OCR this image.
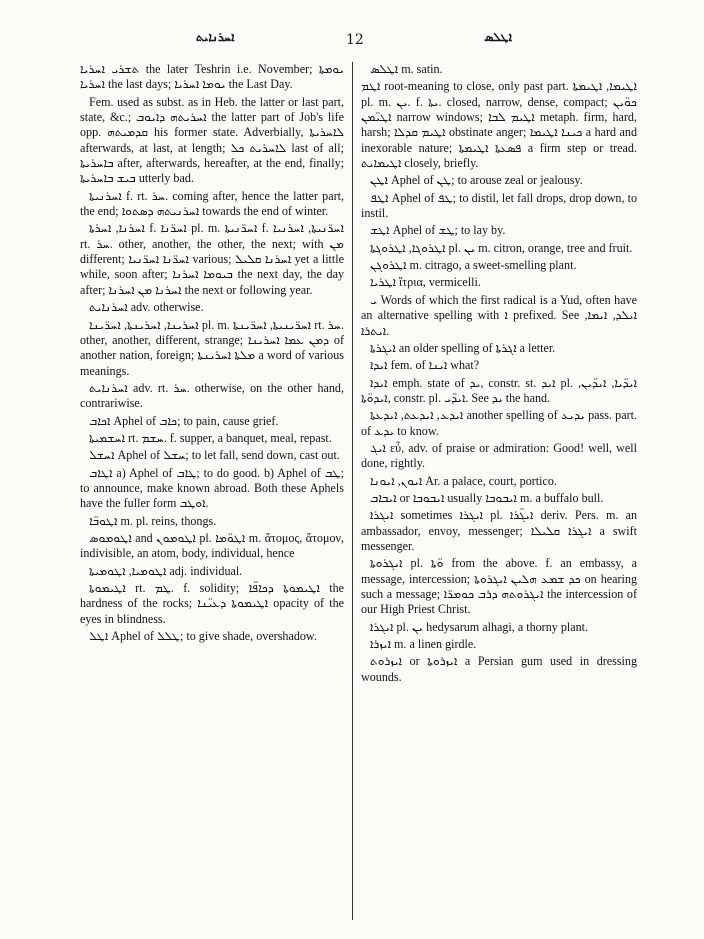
ܐܚܪܢܐܝܬ	12	ܐܛܠܣ

ܬܫܪܝ ܐܚܪܝܐ the later Teshrin i.e. November; ܝܘܡܬܐ ܐܚܪܝܐ the last days; ܝܘܡܐ ܐܚܪܝܐ the Last Day.

Fem. used as subst. as in Heb. the latter or last part, state, &c.; ܐܚܪܝܬܗ ܕܐܝܘܒ the latter part of Job's life opp. ܩܕܡܝܬܗ his former state. Adverbially, ܠܐܚܪܝܬܐ afterwards, at last, at length; ܠܐܚܪܝܬ ܟܠ last of all; ܒܐܚܪܝܬܐ after, afterwards, hereafter, at the end, finally; ܒܝܫ ܒܐܚܪܝܬܐ utterly bad.

ܐܚܪܢܝܬܐ f. rt. ܚܪ. coming after, hence the latter part, the end; ܐܚܪܢܝܬܗ ܕܣܬܘܐ towards the end of winter.

ܐܚܪܢܐ, ܐܚܪܬܐ f. ܐܚܪ̈ܢܐ pl. m. ܐܚܪ̈ܢܝܬܐ f. ܐܚܪ̈ܢܝܬܐ, ܐܚܪܢܝܐ rt. ܚܪ. other, another, the other, the next; with ܡܢ different; ܐܚܪ̈ܢܐ ܐܚܪ̈ܢܝܐ various; ܐܚܪܢܐ ܩܠܝܠ yet a little while, soon after; ܒܝܘܡܐ ܐܚܪܢܐ the next day, the day after; ܐܚܪܢܐ ܡܢ ܐܚܪܢܐ the next or following year.

ܐܚܪܢܐܝܬ adv. otherwise.

ܐܚܪܝܢܐ, ܐܚܪܝܢܬܐ, ܐܚܪ̈ܝܢܐ pl. m. ܐܚܪ̈ܝܢܝܬܐ, ܐܚܪ̈ܝܢܬܐ rt. ܚܪ. other, another, different, strange; ܕܡܢ ܥܡܐ ܐܚܪܝܢܐ of another nation, foreign; ܡܠܬܐ ܐܚܪܝܢܬܐ a word of various meanings.

ܐܚܪܢܐܝܬ adv. rt. ܚܪ. otherwise, on the other hand, contrariwise.

ܐܟܐܒ Aphel of ܟܐܒ; to pain, cause grief.

ܐܚܫܡܝܬܐ rt. ܚܫܡ. f. supper, a banquet, meal, repast.

ܐܚܫܠ Aphel of ܚܫܠ; to let fall, send down, cast out.

ܐܛܐܒ a) Aphel of ܛܐܒ; to do good. b) Aphel of ܛܒ; to announce, make known abroad. Both these Aphels have the fuller form ܐܘܛܒ.

ܐܛܘܒ̈ܐ m. pl. reins, thongs.

ܐܛܘܡܘܣ and ܐܛܘܡܘܢ pl. ܐܛܘ̈ܡܐ m. ἄτομος, ἄτομον, indivisible, an atom, body, individual, hence

ܐܛܘܡܝܐ, ܐܛܘܡܝܬܐ adj. individual.

ܐܛܝܡܘܬܐ rt. ܛܡ. f. solidity; ܐܛܝܡܘܬܐ ܕܟܐܦ̈ܐ the hardness of the rocks; ܐܛܝܡܘܬܐ ܕܥܝ̈ܢܐ opacity of the eyes in blindness.

ܐܛܠ Aphel of ܛܠܠ; to give shade, overshadow.

ܐܛܠܣ m. satin.

ܐܛܡ root-meaning to close, only past part. ܐܛܝܡܐ, ܐܛܝܡܬܐ pl. m. ܝܢ. f. ܝܬܐ. closed, narrow, dense, compact; ܟܘ̈ܝܢ ܐܛܝ̈ܡܢ narrow windows; ܐܛܝܡ ܠܒܐ metaph. firm, hard, harsh; ܐܛܝܡ ܩܕܠܐ obstinate anger; ܟܝܢܐ ܐܛܝܡܐ a hard and inexorable nature; ܦܣܥܬܐ ܐܛܝܡܬܐ a firm step or tread. ܐܛܝܡܐܝܬ closely, briefly.

ܐܛܢ Aphel of ܛܢ; to arouse zeal or jealousy.

ܐܛܦ Aphel of ܛܦ; to distil, let fall drops, drop down, to instil.

ܐܛܫ Aphel of ܛܫ; to lay by.

ܐܛܪܘܓܐ, ܐܛܪܘܓܬܐ pl. ܝܢ m. citron, orange, tree and fruit.

ܐܛܪܘܓܢ m. citrago, a sweet-smelling plant.

ܐܛܪܝܐ ἴτρια, vermicelli.

ܝ Words of which the first radical is a Yud, often have an alternative spelling with ܐ prefixed. See ܐܝܠܕ, ܐܝܡܐ, ܐܝܬܪܐ.

ܐܝܓܪܬܐ an older spelling of ܐܓܪܬܐ a letter.

ܐܝܕܐ fem. of ܐܝܢܐ what?

ܐܝܕܐ emph. state of ܝܕ, constr. st. ܐܝܕ pl. ܐܝܕ̈ܝܐ, ܐܝܕ̈ܝܢ, ܐܝܕܘ̈ܬܐ, constr. pl. ܐܝܕ̈ܝ. See ܝܕ the hand.

ܐܝܕܥ, ܐܝܕܥܬ, ܐܝܕܥܬܐ another spelling of ܝܕܝܥ pass. part. of ܝܕܥ to know.

ܐܝܓ εὖ, adv. of praise or admiration: Good! well, well done, rightly.

ܐܝܘܢ, ܐܝܘܢܐ Ar. a palace, court, portico.

ܐܝܒܐܒ or ܐܝܒܘܒܐ usually ܐܝܒܘܒܐ m. a buffalo bull.

ܐܝܓܪܐ sometimes ܐܝܓܪܐ pl. ܐܝܓ̈ܪܐ deriv. Pers. m. an ambassador, envoy, messenger; ܐܝܓܪܐ ܩܠܝܠܐ a swift messenger.

ܐܝܓܪܘܬܐ pl. ܘ̈ܬܐ from the above. f. an embassy, a message, intercession; ܟܕ ܫܡܥ ܗܠܝܢ ܐܝܓܪܘܬܐ on hearing such a message; ܐܝܓܪܘܬܗ ܕܪܒ ܟܘܡܪ̈ܐ the intercession of our High Priest Christ.

ܐܝܓܪܐ pl. ܝܢ hedysarum alhagi, a thorny plant.

ܐܝܙܪܐ m. a linen girdle.

ܐܝܙܪܘܬ or ܐܝܙܪܘܬܐ a Persian gum used in dressing wounds.
